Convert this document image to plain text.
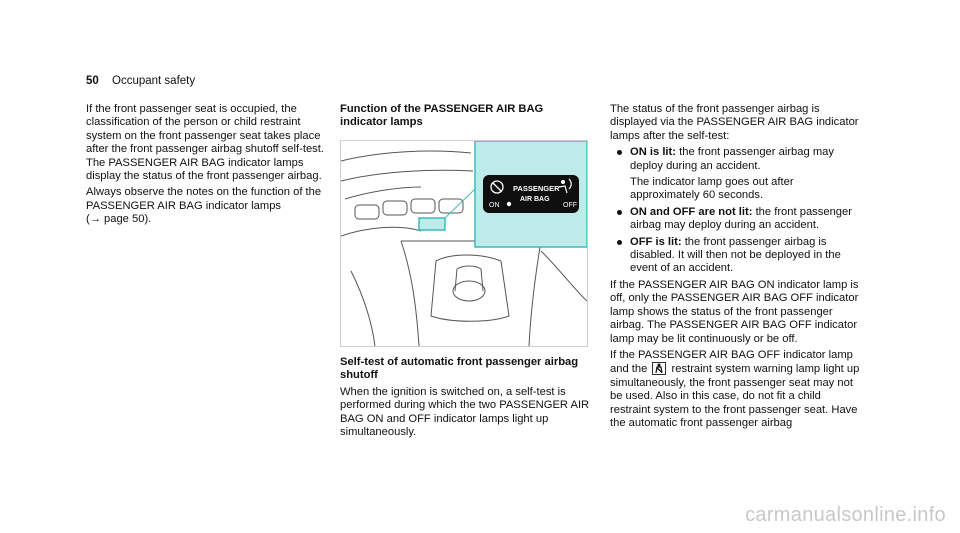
50 Occupant safety

If the front passenger seat is occupied, the classification of the person or child restraint system on the front passenger seat takes place after the front passenger airbag shutoff self-test. The PASSENGER AIR BAG indicator lamps display the status of the front passenger airbag.

Always observe the notes on the function of the PASSENGER AIR BAG indicator lamps
(→ page 50).

Function of the PASSENGER AIR BAG indicator lamps

ON
PASSENGER
AIR BAG
OFF

Self-test of automatic front passenger airbag shutoff

When the ignition is switched on, a self-test is performed during which the two PASSENGER AIR BAG ON and OFF indicator lamps light up simultaneously.

The status of the front passenger airbag is displayed via the PASSENGER AIR BAG indicator lamps after the self-test:

ON is lit: the front passenger airbag may deploy during an accident.
The indicator lamp goes out after approximately 60 seconds.
ON and OFF are not lit: the front passenger airbag may deploy during an accident.
OFF is lit: the front passenger airbag is disabled. It will then not be deployed in the event of an accident.

If the PASSENGER AIR BAG ON indicator lamp is off, only the PASSENGER AIR BAG OFF indicator lamp shows the status of the front passenger airbag. The PASSENGER AIR BAG OFF indicator lamp may be lit continuously or be off.

If the PASSENGER AIR BAG OFF indicator lamp and the restraint system warning lamp light up simultaneously, the front passenger seat may not be used. Also in this case, do not fit a child restraint system to the front passenger seat. Have the automatic front passenger airbag

carmanualsonline.info
